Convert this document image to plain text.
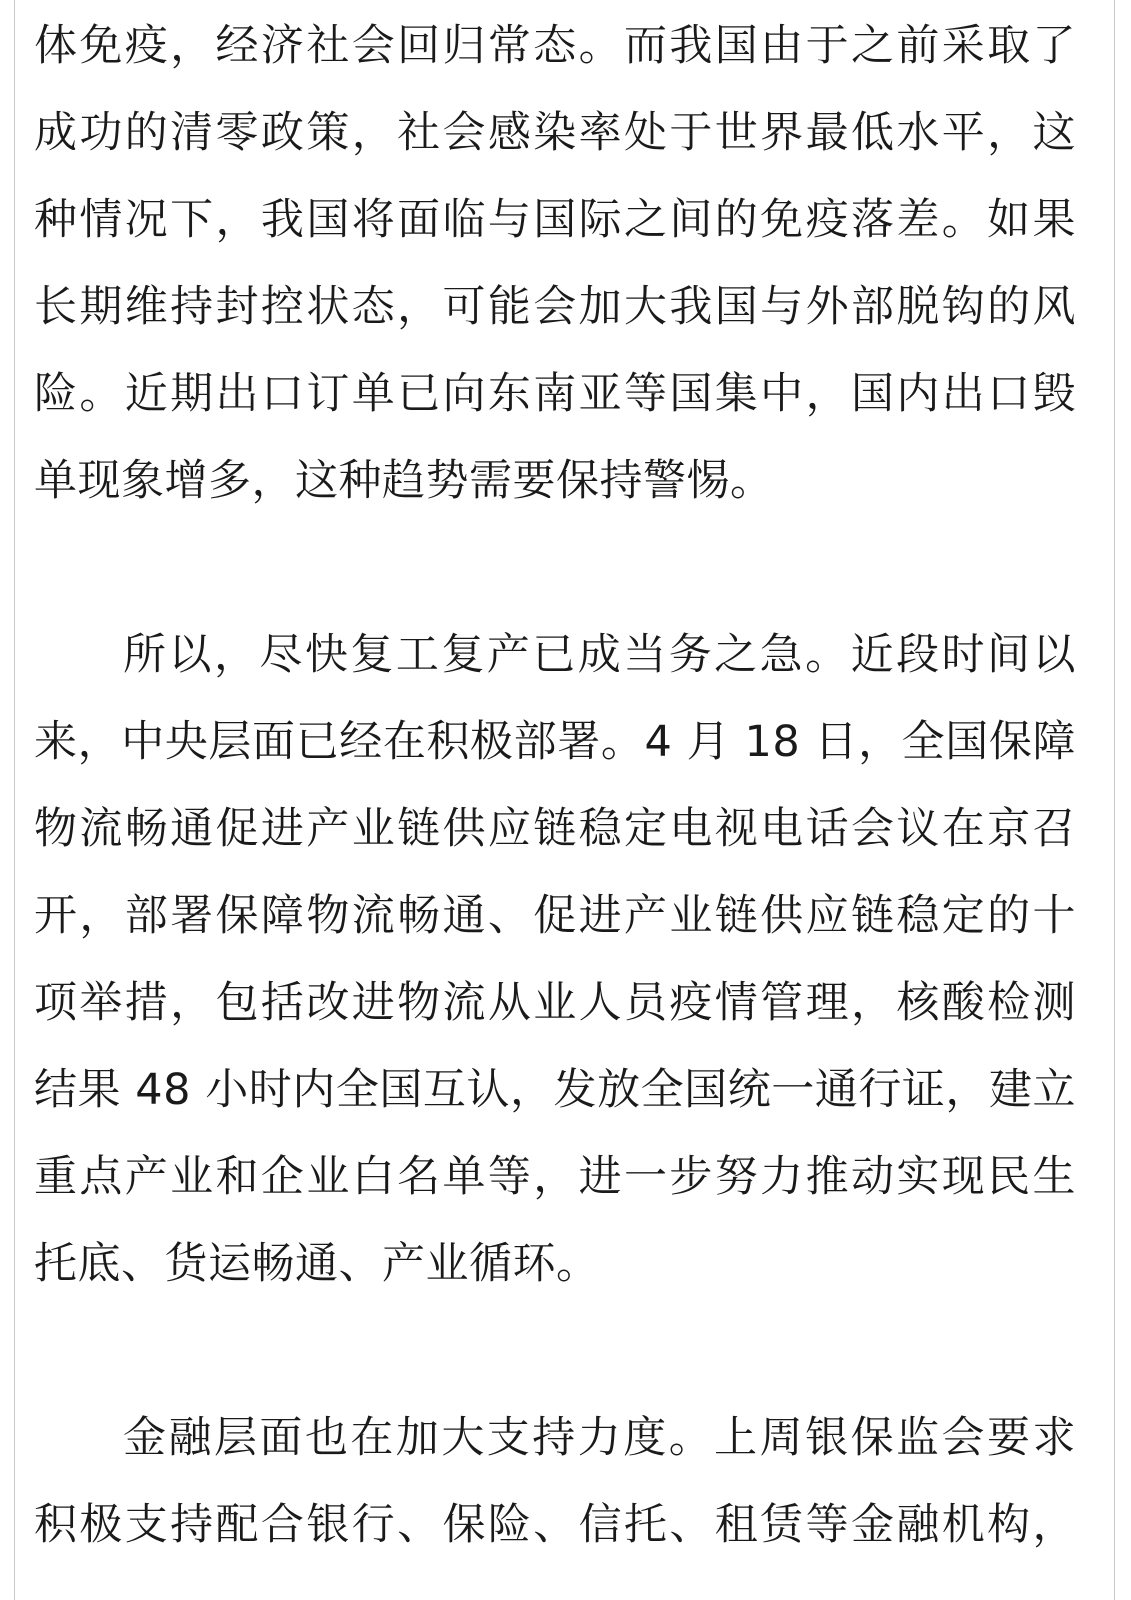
体免疫，经济社会回归常态。而我国由于之前采取了
成功的清零政策，社会感染率处于世界最低水平，这
种情况下，我国将面临与国际之间的免疫落差。如果
长期维持封控状态，可能会加大我国与外部脱钩的风
险。近期出口订单已向东南亚等国集中，国内出口毁
单现象增多，这种趋势需要保持警惕。
所以，尽快复工复产已成当务之急。近段时间以
来，中央层面已经在积极部署。4 月 18 日，全国保障
物流畅通促进产业链供应链稳定电视电话会议在京召
开，部署保障物流畅通、促进产业链供应链稳定的十
项举措，包括改进物流从业人员疫情管理，核酸检测
结果 48 小时内全国互认，发放全国统一通行证，建立
重点产业和企业白名单等，进一步努力推动实现民生
托底、货运畅通、产业循环。
金融层面也在加大支持力度。上周银保监会要求
积极支持配合银行、保险、信托、租赁等金融机构，
